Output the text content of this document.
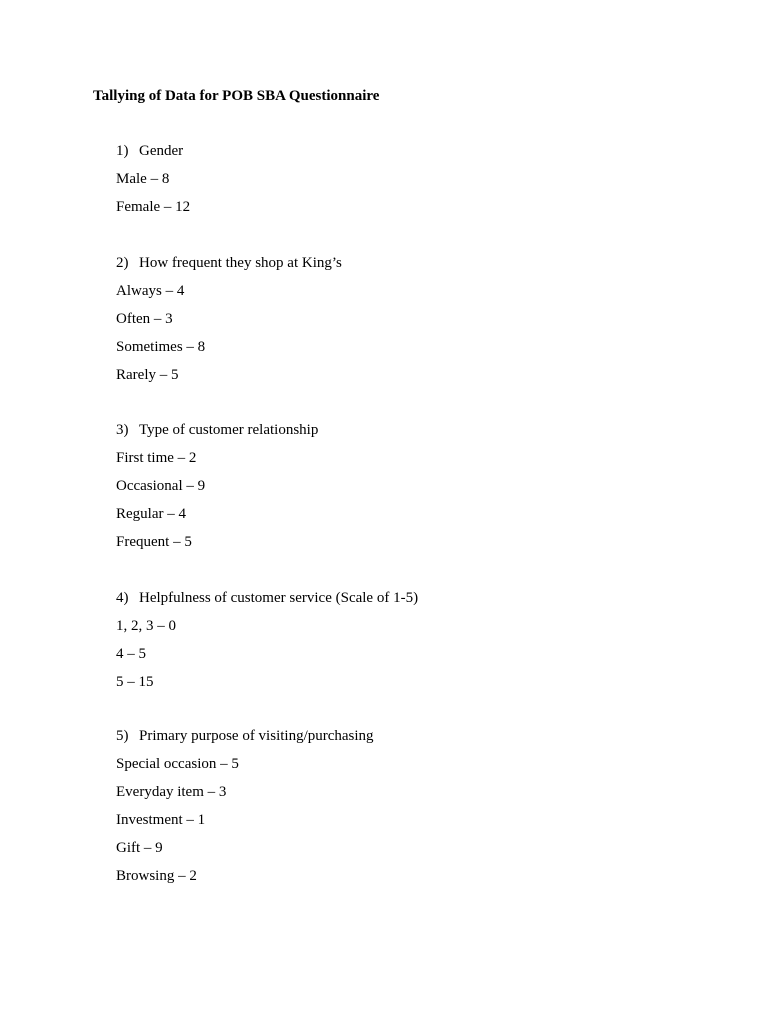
Tallying of Data for POB SBA Questionnaire
1) Gender
Male – 8
Female – 12
2) How frequent they shop at King’s
Always – 4
Often – 3
Sometimes – 8
Rarely – 5
3) Type of customer relationship
First time – 2
Occasional – 9
Regular – 4
Frequent – 5
4) Helpfulness of customer service (Scale of 1-5)
1, 2, 3 – 0
4 – 5
5 – 15
5) Primary purpose of visiting/purchasing
Special occasion – 5
Everyday item – 3
Investment – 1
Gift – 9
Browsing – 2
